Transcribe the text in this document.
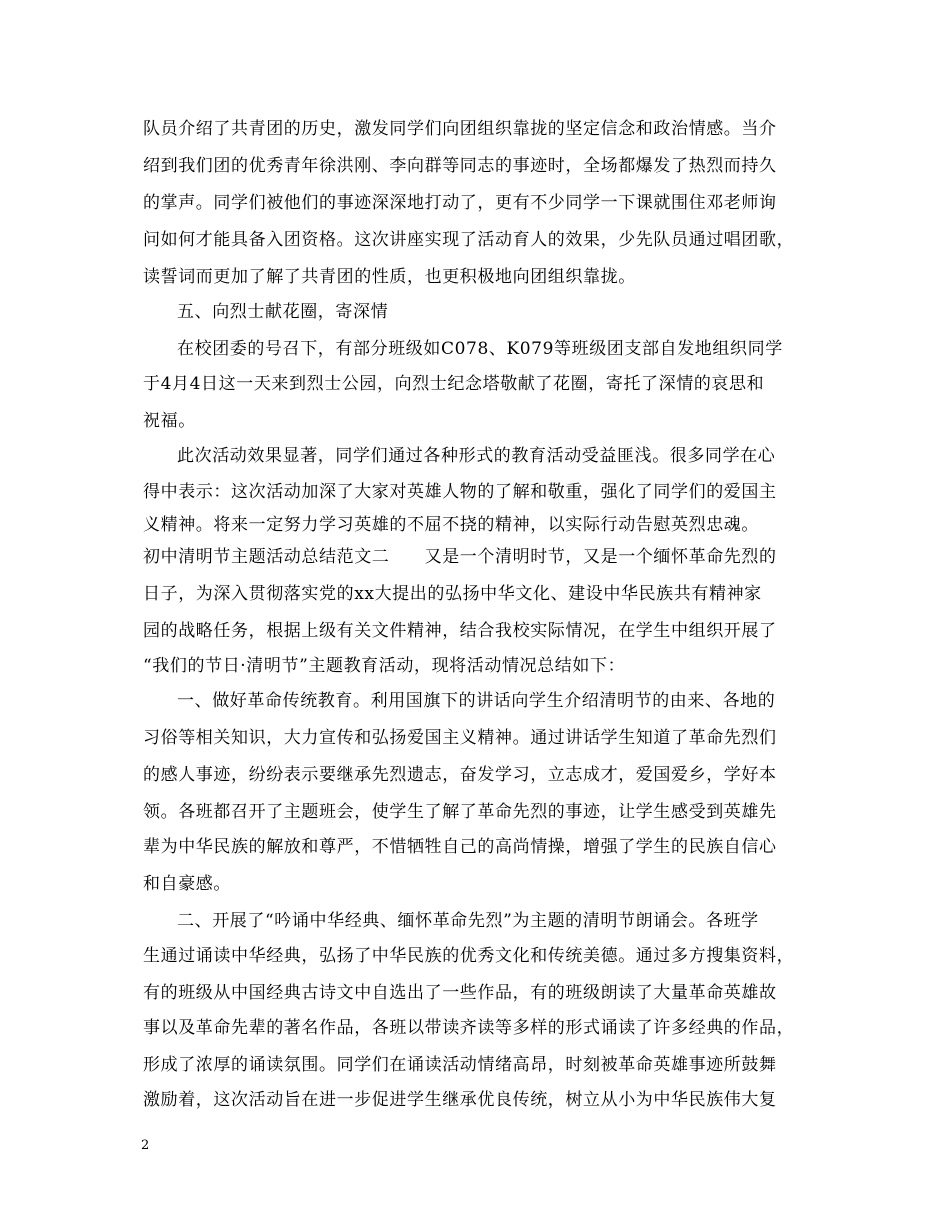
队员介绍了共青团的历史，激发同学们向团组织靠拢的坚定信念和政治情感。当介
绍到我们团的优秀青年徐洪刚、李向群等同志的事迹时，全场都爆发了热烈而持久
的掌声。同学们被他们的事迹深深地打动了，更有不少同学一下课就围住邓老师询
问如何才能具备入团资格。这次讲座实现了活动育人的效果，少先队员通过唱团歌，
读誓词而更加了解了共青团的性质，也更积极地向团组织靠拢。
五、向烈士献花圈，寄深情
在校团委的号召下，有部分班级如C078、K079等班级团支部自发地组织同学
于4月4日这一天来到烈士公园，向烈士纪念塔敬献了花圈，寄托了深情的哀思和
祝福。
此次活动效果显著，同学们通过各种形式的教育活动受益匪浅。很多同学在心
得中表示：这次活动加深了大家对英雄人物的了解和敬重，强化了同学们的爱国主
义精神。将来一定努力学习英雄的不屈不挠的精神，以实际行动告慰英烈忠魂。
初中清明节主题活动总结范文二　　又是一个清明时节，又是一个缅怀革命先烈的
日子，为深入贯彻落实党的xx大提出的弘扬中华文化、建设中华民族共有精神家
园的战略任务，根据上级有关文件精神，结合我校实际情况，在学生中组织开展了
“我们的节日·清明节”主题教育活动，现将活动情况总结如下：
一、做好革命传统教育。利用国旗下的讲话向学生介绍清明节的由来、各地的
习俗等相关知识，大力宣传和弘扬爱国主义精神。通过讲话学生知道了革命先烈们
的感人事迹，纷纷表示要继承先烈遗志，奋发学习，立志成才，爱国爱乡，学好本
领。各班都召开了主题班会，使学生了解了革命先烈的事迹，让学生感受到英雄先
辈为中华民族的解放和尊严，不惜牺牲自己的高尚情操，增强了学生的民族自信心
和自豪感。
二、开展了“吟诵中华经典、缅怀革命先烈”为主题的清明节朗诵会。各班学
生通过诵读中华经典，弘扬了中华民族的优秀文化和传统美德。通过多方搜集资料，
有的班级从中国经典古诗文中自选出了一些作品，有的班级朗读了大量革命英雄故
事以及革命先辈的著名作品，各班以带读齐读等多样的形式诵读了许多经典的作品，
形成了浓厚的诵读氛围。同学们在诵读活动情绪高昂，时刻被革命英雄事迹所鼓舞
激励着，这次活动旨在进一步促进学生继承优良传统，树立从小为中华民族伟大复
2
